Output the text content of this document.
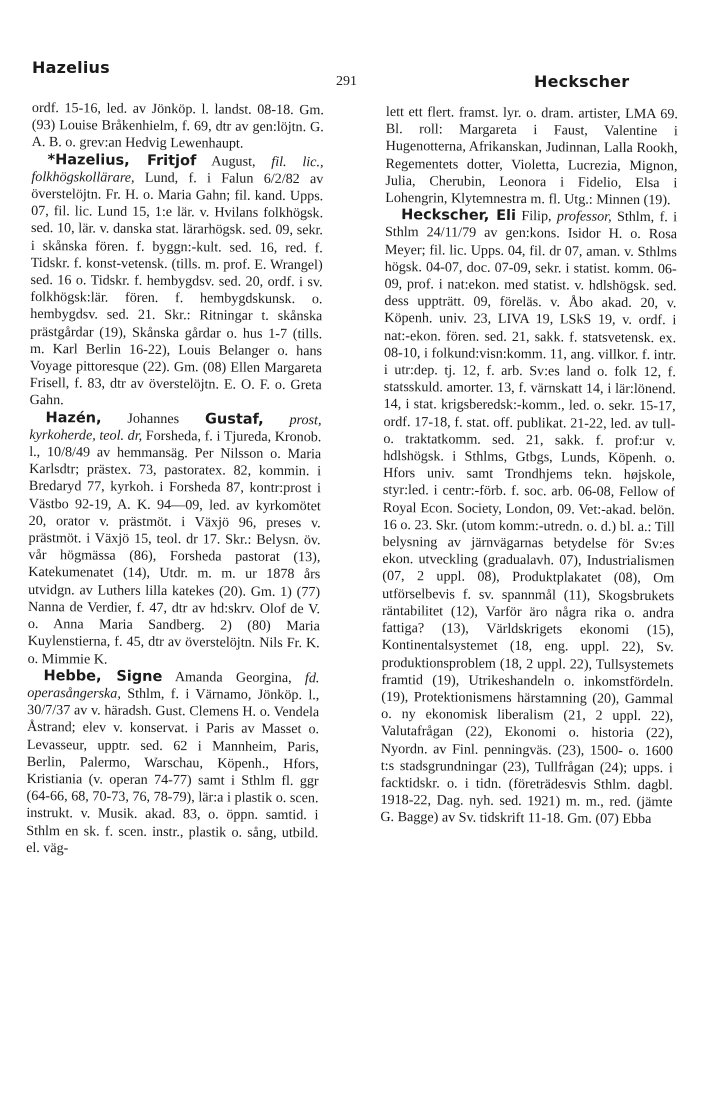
Hazelius
291	Heckscher

ordf. 15-16, led. av Jönköp. l. landst. 08-18. Gm. (93) Louise Bråkenhielm, f. 69, dtr av gen:löjtn. G. A. B. o. grev:an Hedvig Lewenhaupt.

*Hazelius, Fritjof August, fil. lic., folkhögskollärare, Lund, f. i Falun 6/2/82 av överstelöjtn. Fr. H. o. Maria Gahn; fil. kand. Upps. 07, fil. lic. Lund 15, 1:e lär. v. Hvilans folkhögsk. sed. 10, lär. v. danska stat. lärarhögsk. sed. 09, sekr. i skånska fören. f. byggn:-kult. sed. 16, red. f. Tidskr. f. konst-vetensk. (tills. m. prof. E. Wrangel) sed. 16 o. Tidskr. f. hembygdsv. sed. 20, ordf. i sv. folkhögsk:lär. fören. f. hembygdskunsk. o. hembygdsv. sed. 21. Skr.: Ritningar t. skånska prästgårdar (19), Skånska gårdar o. hus 1-7 (tills. m. Karl Berlin 16-22), Louis Belanger o. hans Voyage pittoresque (22). Gm. (08) Ellen Margareta Frisell, f. 83, dtr av överstelöjtn. E. O. F. o. Greta Gahn.

Hazén, Johannes Gustaf, prost, kyrkoherde, teol. dr, Forsheda, f. i Tjureda, Kronob. l., 10/8/49 av hemmansäg. Per Nilsson o. Maria Karlsdtr; prästex. 73, pastoratex. 82, kommin. i Bredaryd 77, kyrkoh. i Forsheda 87, kontr:prost i Västbo 92-19, A. K. 94—09, led. av kyrkomötet 20, orator v. prästmöt. i Växjö 96, preses v. prästmöt. i Växjö 15, teol. dr 17. Skr.: Belysn. öv. vår högmässa (86), Forsheda pastorat (13), Katekumenatet (14), Utdr. m. m. ur 1878 års utvidgn. av Luthers lilla katekes (20). Gm. 1) (77) Nanna de Verdier, f. 47, dtr av hd:skrv. Olof de V. o. Anna Maria Sandberg. 2) (80) Maria Kuylenstierna, f. 45, dtr av överstelöjtn. Nils Fr. K. o. Mimmie K.

Hebbe, Signe Amanda Georgina, fd. operasångerska, Sthlm, f. i Värnamo, Jönköp. l., 30/7/37 av v. häradsh. Gust. Clemens H. o. Vendela Åstrand; elev v. konservat. i Paris av Masset o. Levasseur, upptr. sed. 62 i Mannheim, Paris, Berlin, Palermo, Warschau, Köpenh., Hfors, Kristiania (v. operan 74-77) samt i Sthlm fl. ggr (64-66, 68, 70-73, 76, 78-79), lär:a i plastik o. scen. instrukt. v. Musik. akad. 83, o. öppn. samtid. i Sthlm en sk. f. scen. instr., plastik o. sång, utbild. el. väg-

lett ett flert. framst. lyr. o. dram. artister, LMA 69. Bl. roll: Margareta i Faust, Valentine i Hugenotterna, Afrikanskan, Judinnan, Lalla Rookh, Regementets dotter, Violetta, Lucrezia, Mignon, Julia, Cherubin, Leonora i Fidelio, Elsa i Lohengrin, Klytemnestra m. fl. Utg.: Minnen (19).

Heckscher, Eli Filip, professor, Sthlm, f. i Sthlm 24/11/79 av gen:kons. Isidor H. o. Rosa Meyer; fil. lic. Upps. 04, fil. dr 07, aman. v. Sthlms högsk. 04-07, doc. 07-09, sekr. i statist. komm. 06-09, prof. i nat:ekon. med statist. v. hdlshögsk. sed. dess uppträtt. 09, föreläs. v. Åbo akad. 20, v. Köpenh. univ. 23, LIVA 19, LSkS 19, v. ordf. i nat:-ekon. fören. sed. 21, sakk. f. statsvetensk. ex. 08-10, i folkund:visn:komm. 11, ang. villkor. f. intr. i utr:dep. tj. 12, f. arb. Sv:es land o. folk 12, f. statsskuld. amorter. 13, f. värnskatt 14, i lär:lönend. 14, i stat. krigsberedsk:-komm., led. o. sekr. 15-17, ordf. 17-18, f. stat. off. publikat. 21-22, led. av tull-o. traktatkomm. sed. 21, sakk. f. prof:ur v. hdlshögsk. i Sthlms, Gtbgs, Lunds, Köpenh. o. Hfors univ. samt Trondhjems tekn. højskole, styr:led. i centr:-förb. f. soc. arb. 06-08, Fellow of Royal Econ. Society, London, 09. Vet:-akad. belön. 16 o. 23. Skr. (utom komm:-utredn. o. d.) bl. a.: Till belysning av järnvägarnas betydelse för Sv:es ekon. utveckling (gradualavh. 07), Industrialismen (07, 2 uppl. 08), Produktplakatet (08), Om utförselbevis f. sv. spannmål (11), Skogsbrukets räntabilitet (12), Varför äro några rika o. andra fattiga? (13), Världskrigets ekonomi (15), Kontinentalsystemet (18, eng. uppl. 22), Sv. produktionsproblem (18, 2 uppl. 22), Tullsystemets framtid (19), Utrikeshandeln o. inkomstfördeln. (19), Protektionismens härstamning (20), Gammal o. ny ekonomisk liberalism (21, 2 uppl. 22), Valutafrågan (22), Ekonomi o. historia (22), Nyordn. av Finl. penningväs. (23), 1500- o. 1600 t:s stadsgrundningar (23), Tullfrågan (24); upps. i facktidskr. o. i tidn. (företrädesvis Sthlm. dagbl. 1918-22, Dag. nyh. sed. 1921) m. m., red. (jämte G. Bagge) av Sv. tidskrift 11-18. Gm. (07) Ebba
